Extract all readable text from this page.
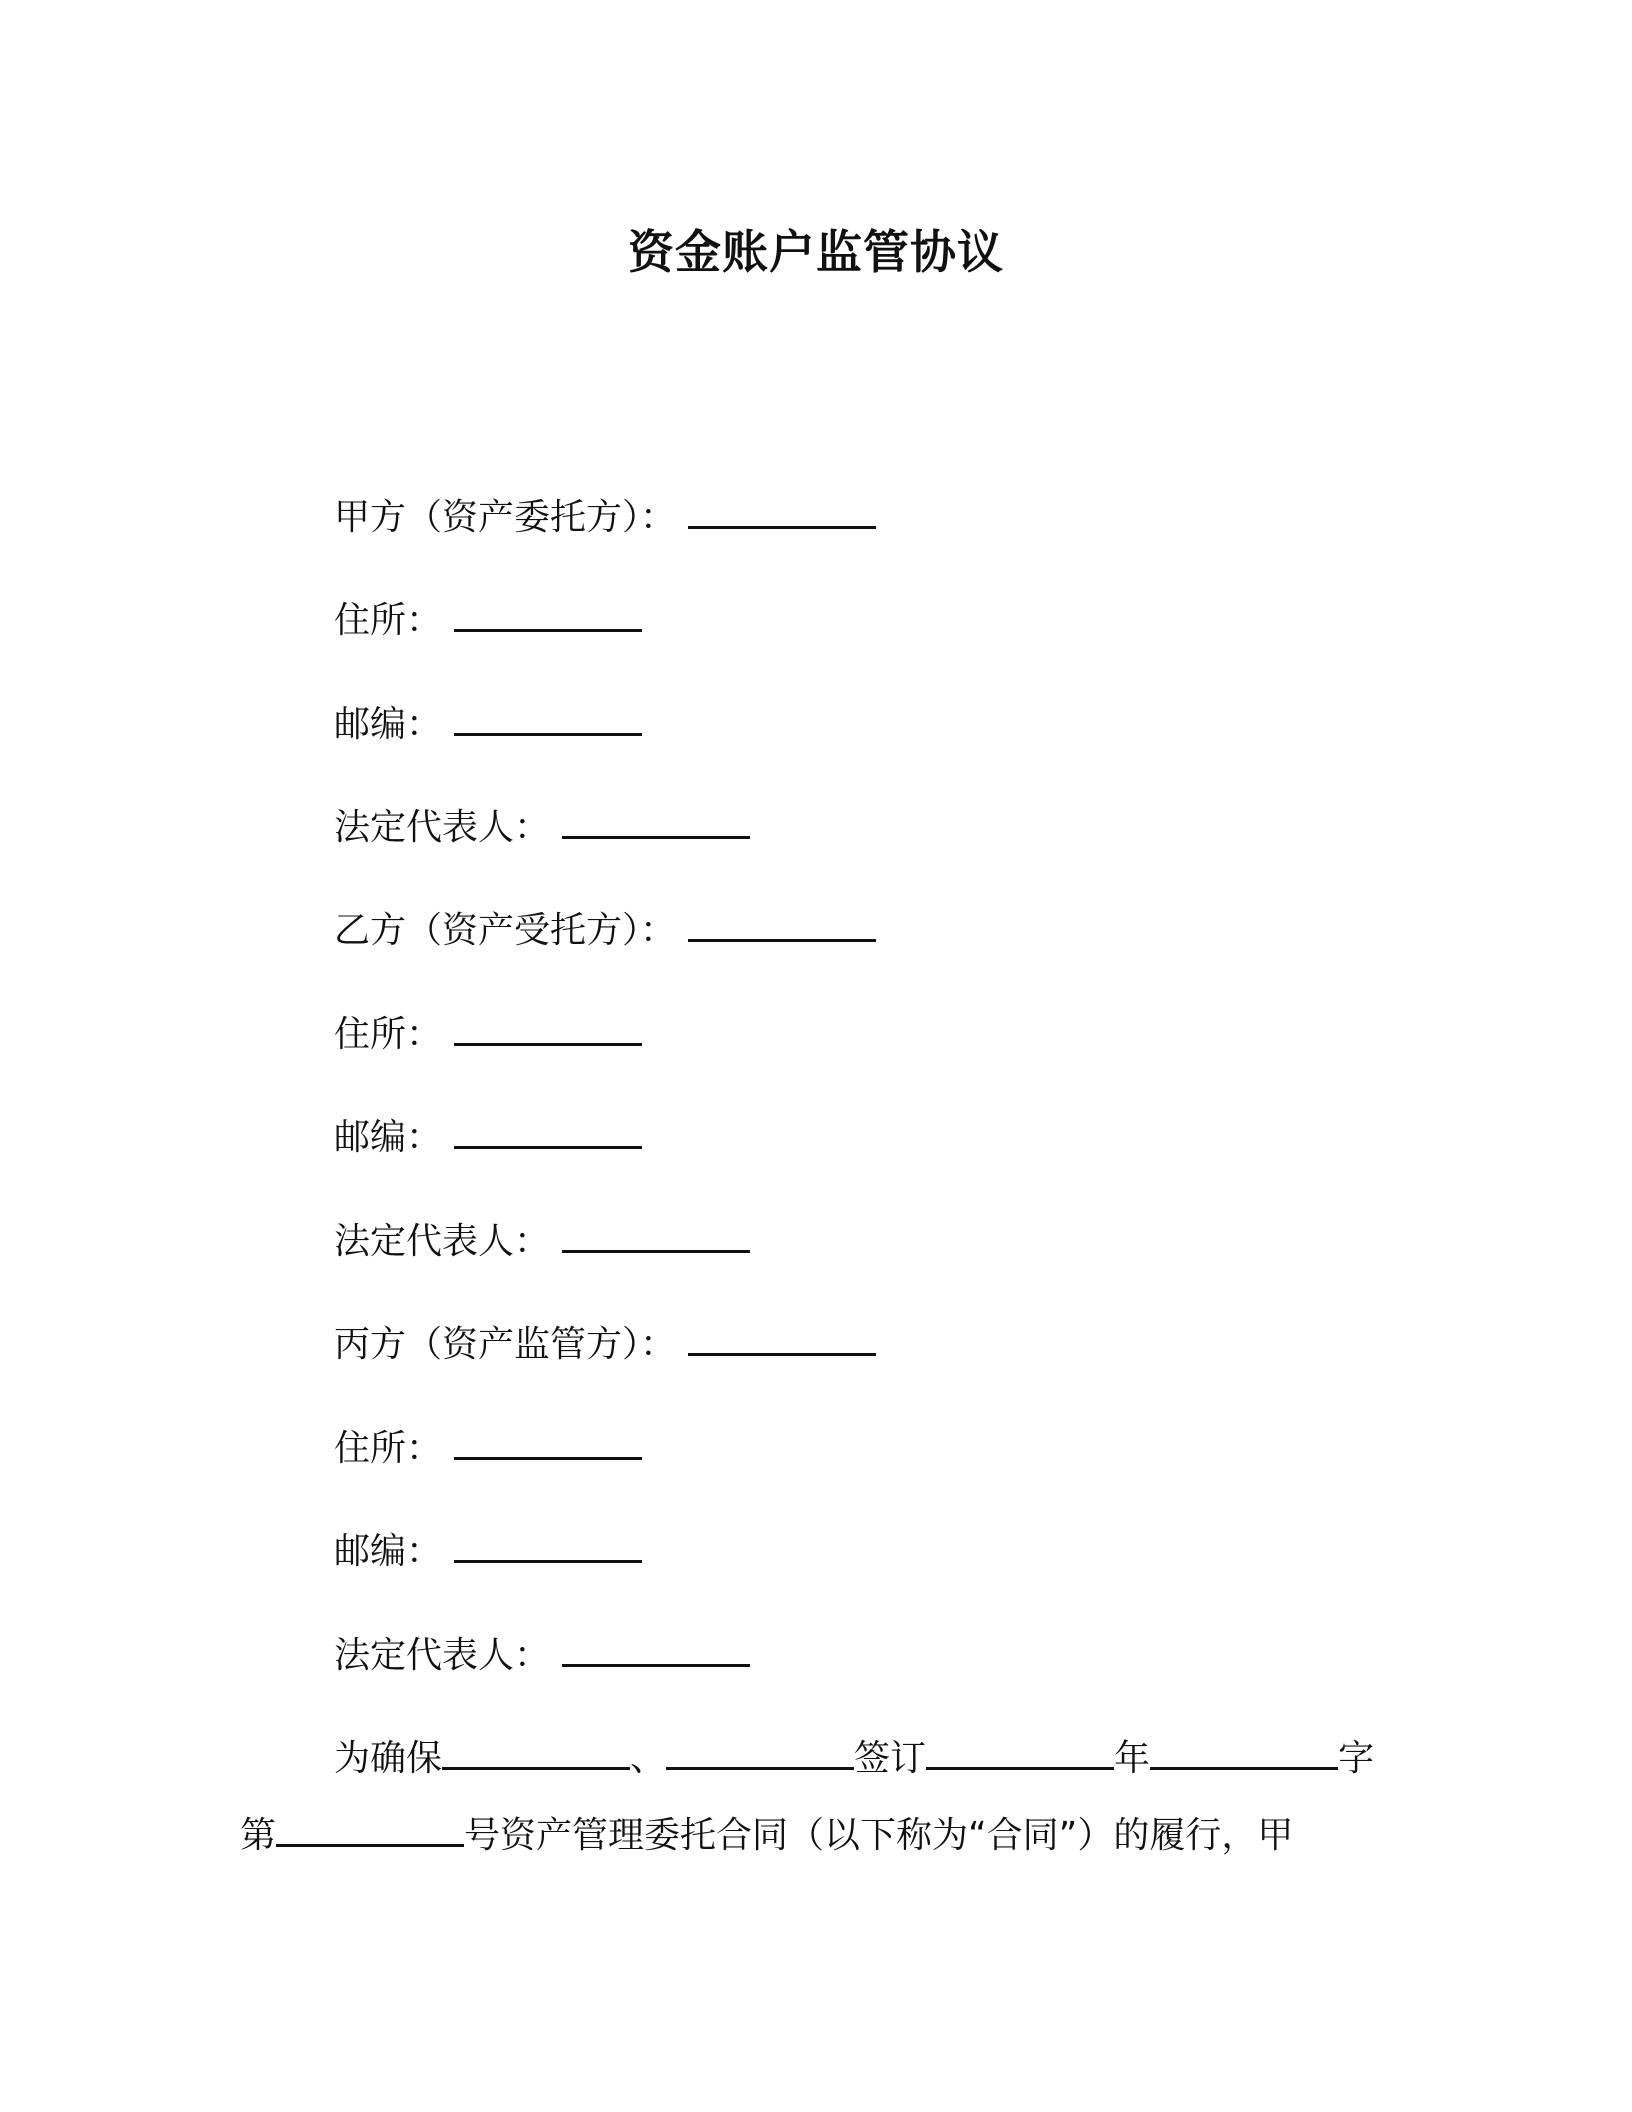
资金账户监管协议
甲方（资产委托方）：
住所：
邮编：
法定代表人：
乙方（资产受托方）：
住所：
邮编：
法定代表人：
丙方（资产监管方）：
住所：
邮编：
法定代表人：
为确保	、	签订	年	字
第	号资产管理委托合同（以下称为“合同”）的履行，甲
